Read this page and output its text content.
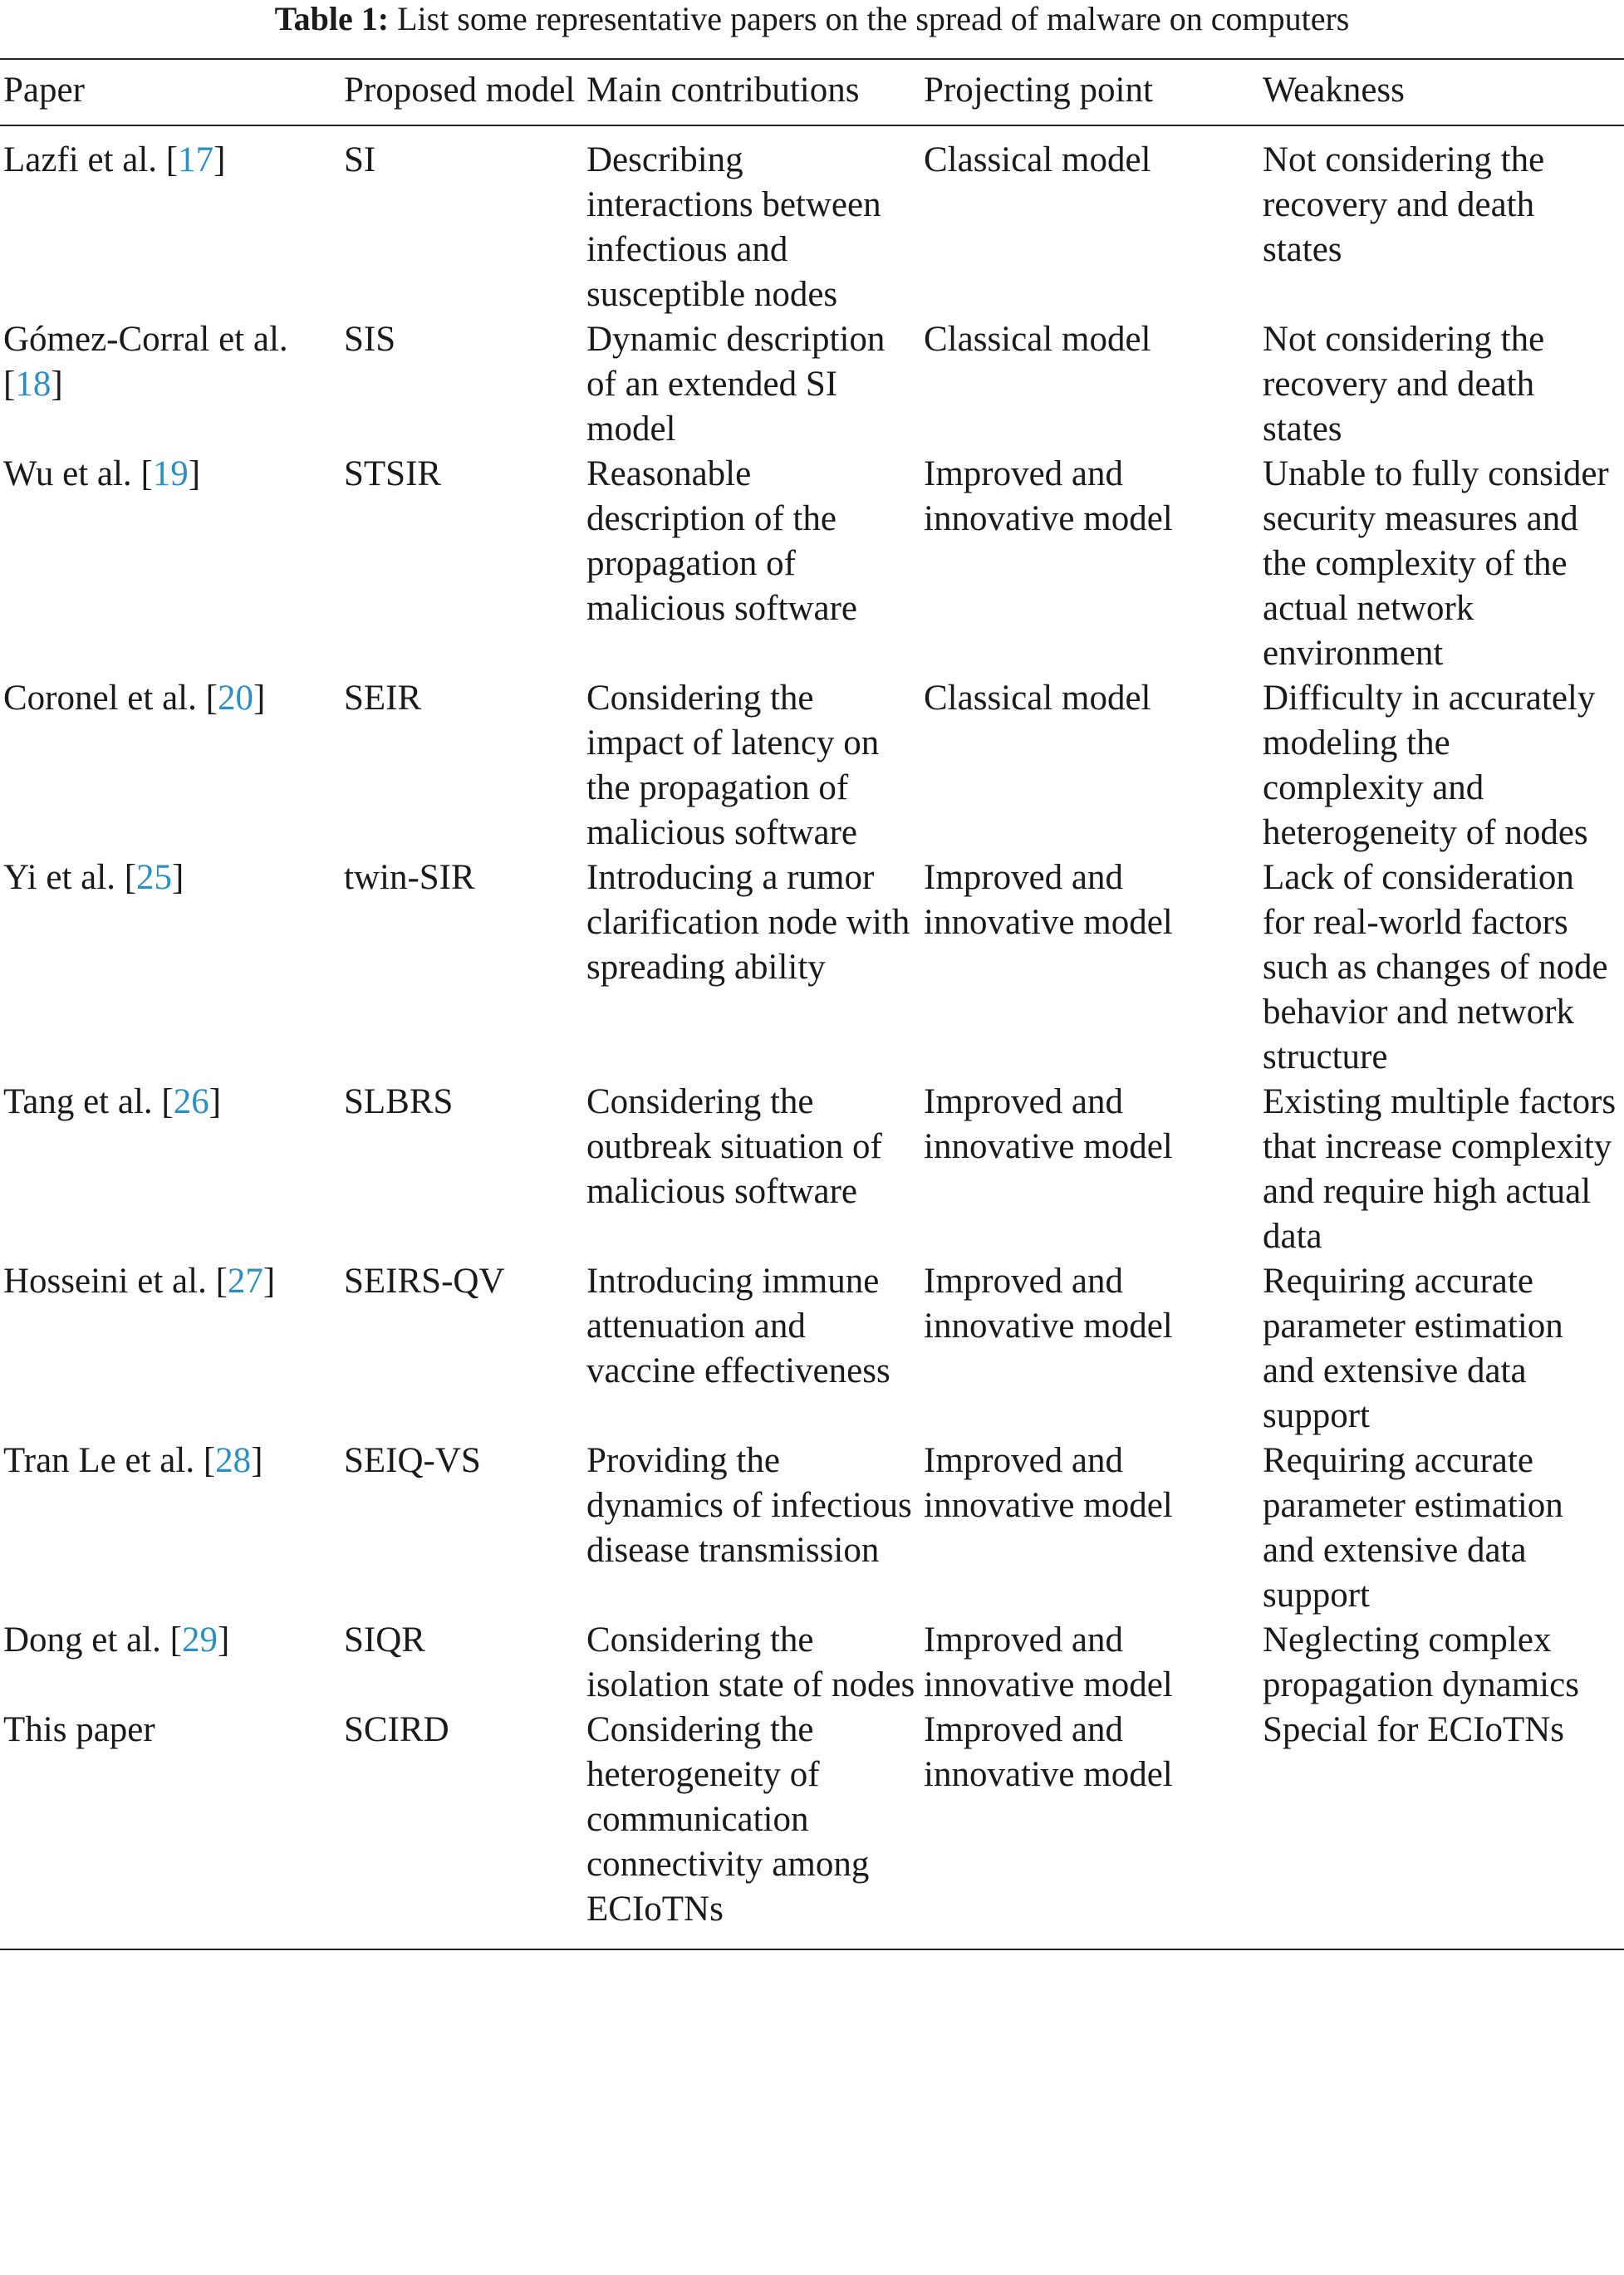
Table 1: List some representative papers on the spread of malware on computers
Paper	Proposed model	Main contributions	Projecting point	Weakness
Lazfi et al. [17]	SI	Describing interactions between infectious and susceptible nodes	Classical model	Not considering the recovery and death states
Gómez-Corral et al. [18]	SIS	Dynamic description of an extended SI model	Classical model	Not considering the recovery and death states
Wu et al. [19]	STSIR	Reasonable description of the propagation of malicious software	Improved and innovative model	Unable to fully consider security measures and the complexity of the actual network environment
Coronel et al. [20]	SEIR	Considering the impact of latency on the propagation of malicious software	Classical model	Difficulty in accurately modeling the complexity and heterogeneity of nodes
Yi et al. [25]	twin-SIR	Introducing a rumor clarification node with spreading ability	Improved and innovative model	Lack of consideration for real-world factors such as changes of node behavior and network structure
Tang et al. [26]	SLBRS	Considering the outbreak situation of malicious software	Improved and innovative model	Existing multiple factors that increase complexity and require high actual data
Hosseini et al. [27]	SEIRS-QV	Introducing immune attenuation and vaccine effectiveness	Improved and innovative model	Requiring accurate parameter estimation and extensive data support
Tran Le et al. [28]	SEIQ-VS	Providing the dynamics of infectious disease transmission	Improved and innovative model	Requiring accurate parameter estimation and extensive data support
Dong et al. [29]	SIQR	Considering the isolation state of nodes	Improved and innovative model	Neglecting complex propagation dynamics
This paper	SCIRD	Considering the heterogeneity of communication connectivity among ECIoTNs	Improved and innovative model	Special for ECIoTNs
